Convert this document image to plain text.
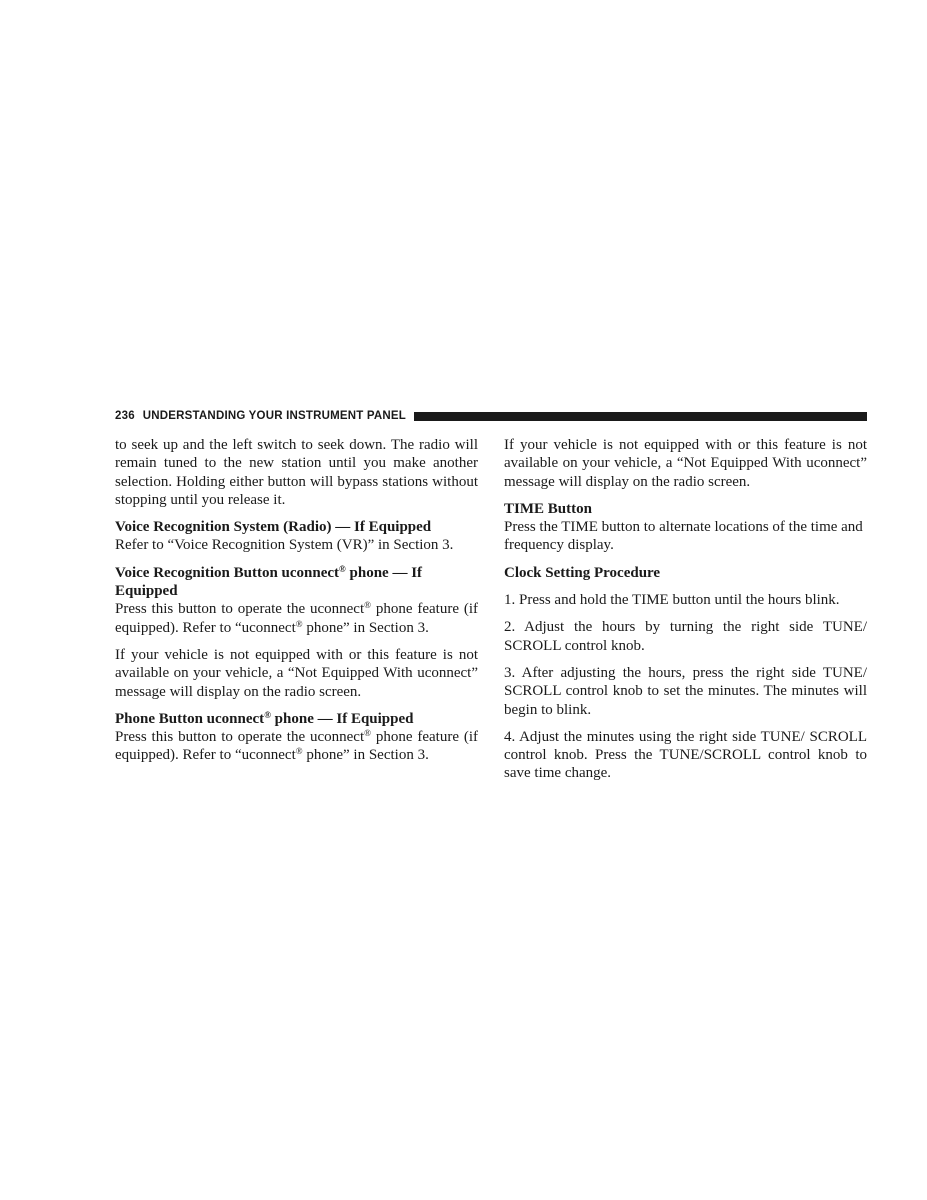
236 UNDERSTANDING YOUR INSTRUMENT PANEL

to seek up and the left switch to seek down. The radio will remain tuned to the new station until you make another selection. Holding either button will bypass stations without stopping until you release it.

Voice Recognition System (Radio) — If Equipped
Refer to “Voice Recognition System (VR)” in Section 3.

Voice Recognition Button uconnect® phone — If Equipped
Press this button to operate the uconnect® phone feature (if equipped). Refer to “uconnect® phone” in Section 3.

If your vehicle is not equipped with or this feature is not available on your vehicle, a “Not Equipped With uconnect” message will display on the radio screen.

Phone Button uconnect® phone — If Equipped
Press this button to operate the uconnect® phone feature (if equipped). Refer to “uconnect® phone” in Section 3.

If your vehicle is not equipped with or this feature is not available on your vehicle, a “Not Equipped With uconnect” message will display on the radio screen.

TIME Button
Press the TIME button to alternate locations of the time and frequency display.

Clock Setting Procedure

1. Press and hold the TIME button until the hours blink.

2. Adjust the hours by turning the right side TUNE/ SCROLL control knob.

3. After adjusting the hours, press the right side TUNE/ SCROLL control knob to set the minutes. The minutes will begin to blink.

4. Adjust the minutes using the right side TUNE/ SCROLL control knob. Press the TUNE/SCROLL control knob to save time change.
